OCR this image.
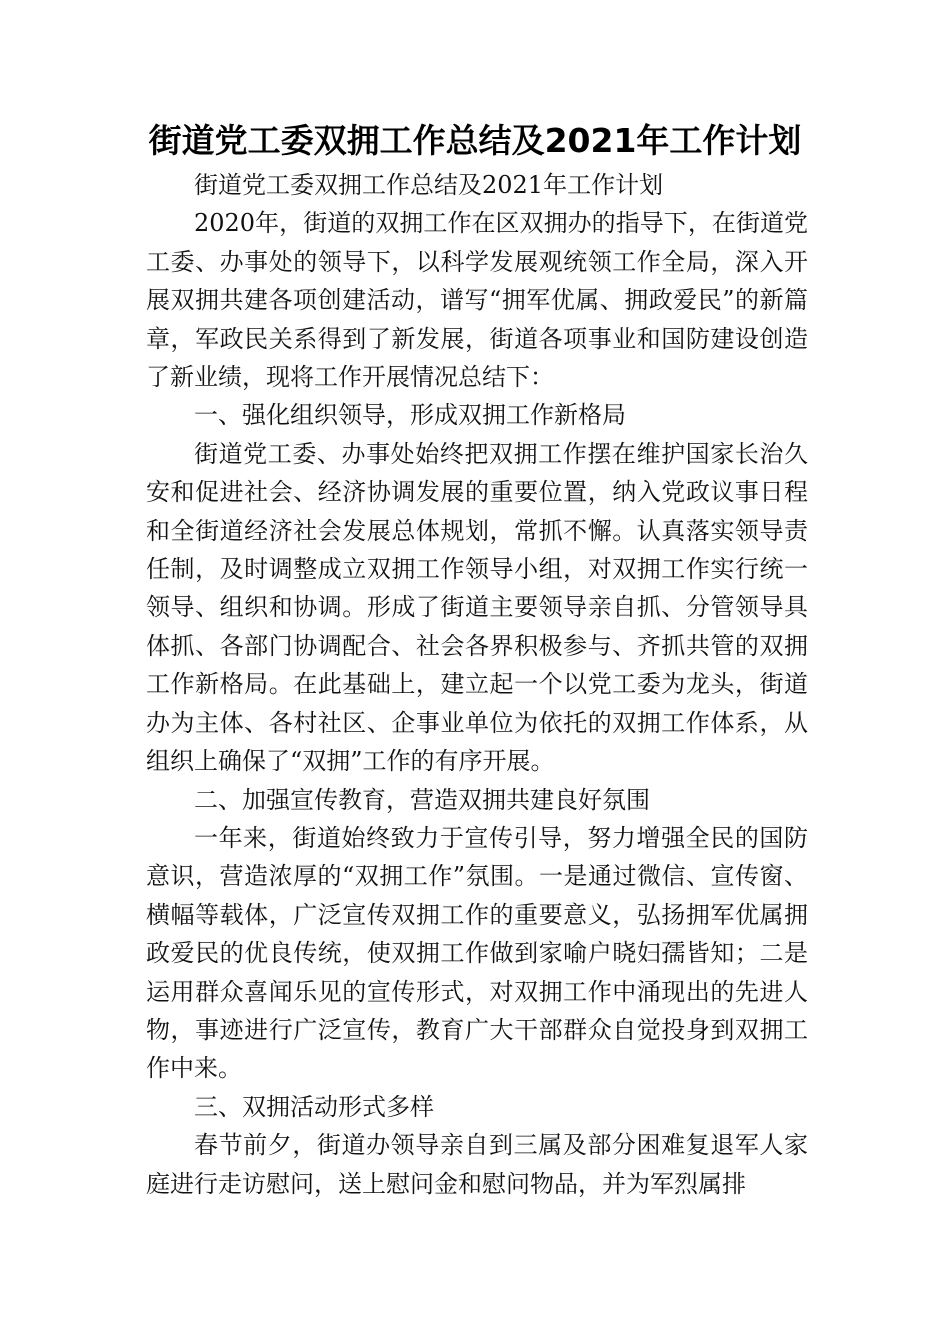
街道党工委双拥工作总结及2021年工作计划

街道党工委双拥工作总结及2021年工作计划

2020年，街道的双拥工作在区双拥办的指导下，在街道党工委、办事处的领导下，以科学发展观统领工作全局，深入开展双拥共建各项创建活动，谱写“拥军优属、拥政爱民”的新篇章，军政民关系得到了新发展，街道各项事业和国防建设创造了新业绩，现将工作开展情况总结下：

一、强化组织领导，形成双拥工作新格局

街道党工委、办事处始终把双拥工作摆在维护国家长治久安和促进社会、经济协调发展的重要位置，纳入党政议事日程和全街道经济社会发展总体规划，常抓不懈。认真落实领导责任制，及时调整成立双拥工作领导小组，对双拥工作实行统一领导、组织和协调。形成了街道主要领导亲自抓、分管领导具体抓、各部门协调配合、社会各界积极参与、齐抓共管的双拥工作新格局。在此基础上，建立起一个以党工委为龙头，街道办为主体、各村社区、企事业单位为依托的双拥工作体系，从组织上确保了“双拥”工作的有序开展。

二、加强宣传教育，营造双拥共建良好氛围

一年来，街道始终致力于宣传引导，努力增强全民的国防意识，营造浓厚的“双拥工作”氛围。一是通过微信、宣传窗、横幅等载体，广泛宣传双拥工作的重要意义，弘扬拥军优属拥政爱民的优良传统，使双拥工作做到家喻户晓妇孺皆知；二是运用群众喜闻乐见的宣传形式，对双拥工作中涌现出的先进人物，事迹进行广泛宣传，教育广大干部群众自觉投身到双拥工作中来。

三、双拥活动形式多样

春节前夕，街道办领导亲自到三属及部分困难复退军人家庭进行走访慰问，送上慰问金和慰问物品，并为军烈属排
